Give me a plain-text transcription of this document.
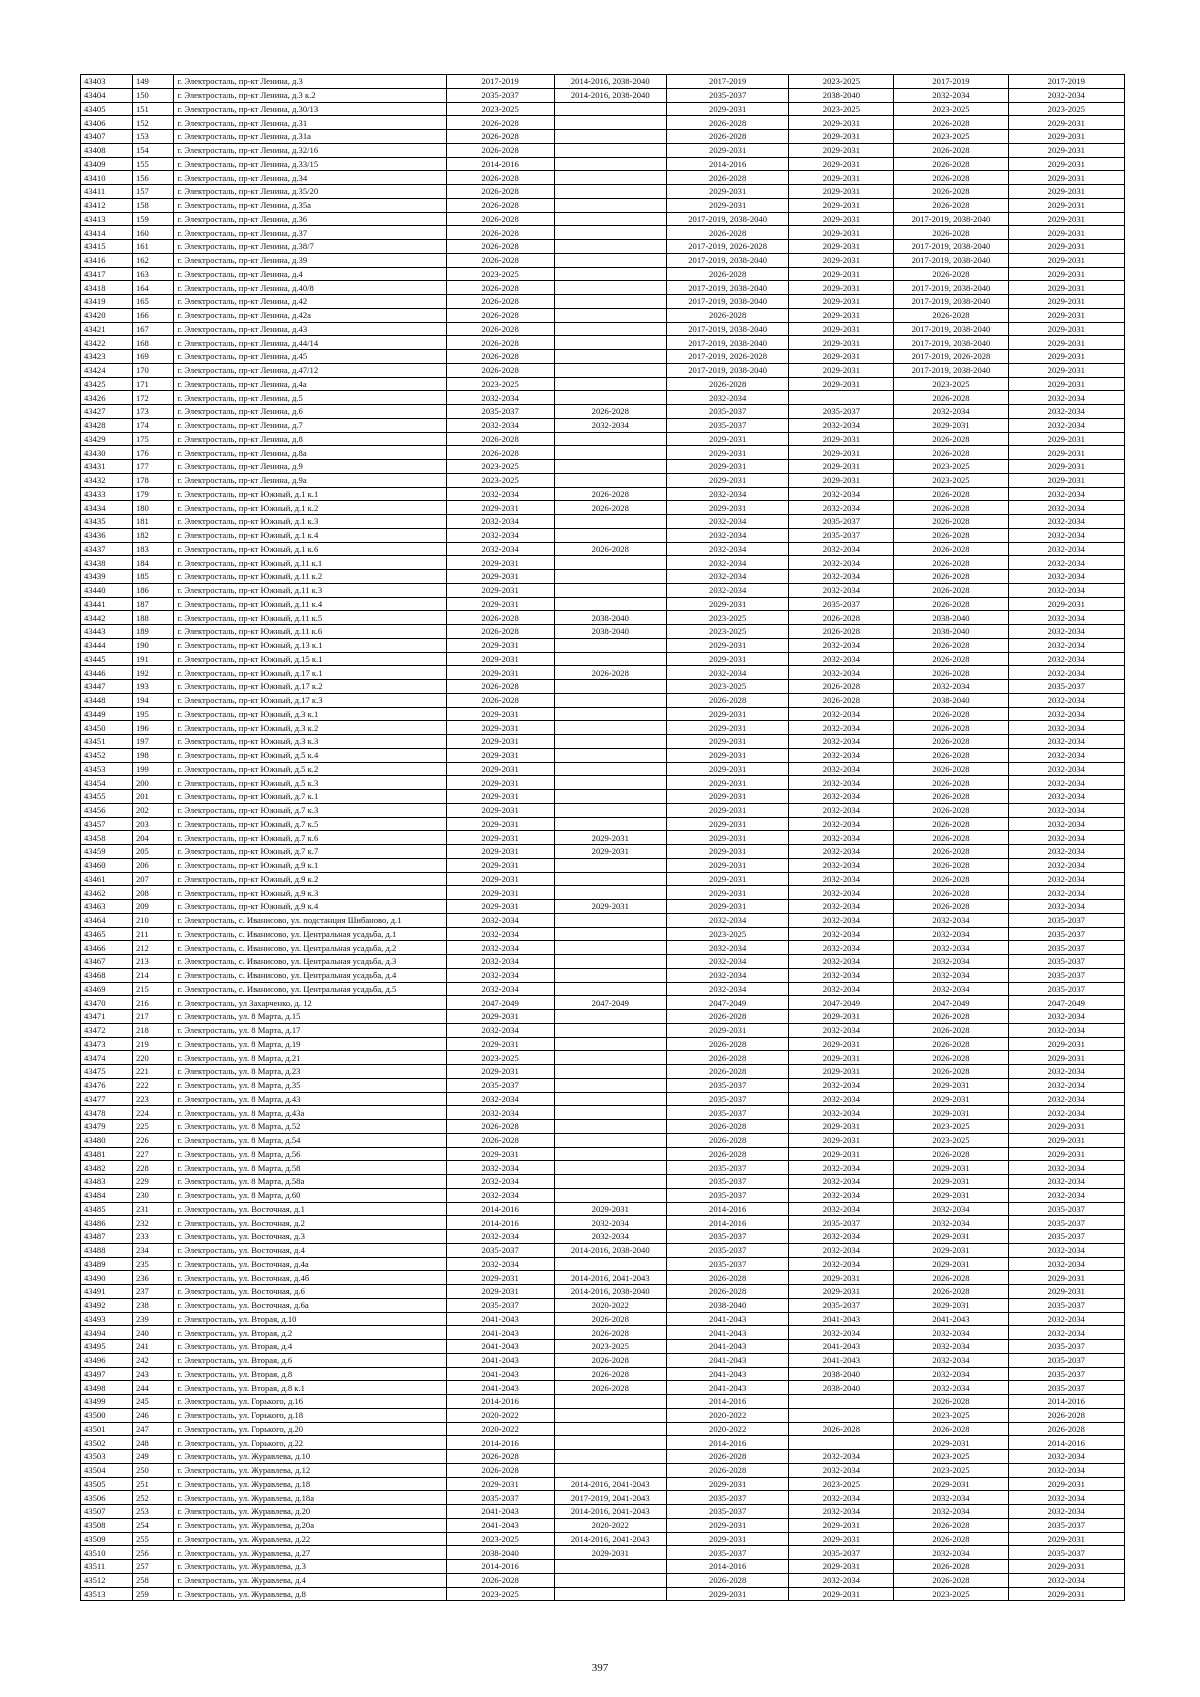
43403	149	г. Электросталь, пр-кт Ленина, д.3	2017-2019	2014-2016, 2038-2040	2017-2019	2023-2025	2017-2019	2017-2019
43404	150	г. Электросталь, пр-кт Ленина, д.3 к.2	2035-2037	2014-2016, 2038-2040	2035-2037	2038-2040	2032-2034	2032-2034
43405	151	г. Электросталь, пр-кт Ленина, д.30/13	2023-2025		2029-2031	2023-2025	2023-2025	2023-2025
43406	152	г. Электросталь, пр-кт Ленина, д.31	2026-2028		2026-2028	2029-2031	2026-2028	2029-2031
43407	153	г. Электросталь, пр-кт Ленина, д.31а	2026-2028		2026-2028	2029-2031	2023-2025	2029-2031
43408	154	г. Электросталь, пр-кт Ленина, д.32/16	2026-2028		2029-2031	2029-2031	2026-2028	2029-2031
43409	155	г. Электросталь, пр-кт Ленина, д.33/15	2014-2016		2014-2016	2029-2031	2026-2028	2029-2031
43410	156	г. Электросталь, пр-кт Ленина, д.34	2026-2028		2026-2028	2029-2031	2026-2028	2029-2031
43411	157	г. Электросталь, пр-кт Ленина, д.35/20	2026-2028		2029-2031	2029-2031	2026-2028	2029-2031
43412	158	г. Электросталь, пр-кт Ленина, д.35а	2026-2028		2029-2031	2029-2031	2026-2028	2029-2031
43413	159	г. Электросталь, пр-кт Ленина, д.36	2026-2028		2017-2019, 2038-2040	2029-2031	2017-2019, 2038-2040	2029-2031
43414	160	г. Электросталь, пр-кт Ленина, д.37	2026-2028		2026-2028	2029-2031	2026-2028	2029-2031
43415	161	г. Электросталь, пр-кт Ленина, д.38/7	2026-2028		2017-2019, 2026-2028	2029-2031	2017-2019, 2038-2040	2029-2031
43416	162	г. Электросталь, пр-кт Ленина, д.39	2026-2028		2017-2019, 2038-2040	2029-2031	2017-2019, 2038-2040	2029-2031
43417	163	г. Электросталь, пр-кт Ленина, д.4	2023-2025		2026-2028	2029-2031	2026-2028	2029-2031
43418	164	г. Электросталь, пр-кт Ленина, д.40/8	2026-2028		2017-2019, 2038-2040	2029-2031	2017-2019, 2038-2040	2029-2031
43419	165	г. Электросталь, пр-кт Ленина, д.42	2026-2028		2017-2019, 2038-2040	2029-2031	2017-2019, 2038-2040	2029-2031
43420	166	г. Электросталь, пр-кт Ленина, д.42а	2026-2028		2026-2028	2029-2031	2026-2028	2029-2031
43421	167	г. Электросталь, пр-кт Ленина, д.43	2026-2028		2017-2019, 2038-2040	2029-2031	2017-2019, 2038-2040	2029-2031
43422	168	г. Электросталь, пр-кт Ленина, д.44/14	2026-2028		2017-2019, 2038-2040	2029-2031	2017-2019, 2038-2040	2029-2031
43423	169	г. Электросталь, пр-кт Ленина, д.45	2026-2028		2017-2019, 2026-2028	2029-2031	2017-2019, 2026-2028	2029-2031
43424	170	г. Электросталь, пр-кт Ленина, д.47/12	2026-2028		2017-2019, 2038-2040	2029-2031	2017-2019, 2038-2040	2029-2031
43425	171	г. Электросталь, пр-кт Ленина, д.4а	2023-2025		2026-2028	2029-2031	2023-2025	2029-2031
43426	172	г. Электросталь, пр-кт Ленина, д.5	2032-2034		2032-2034		2026-2028	2032-2034
43427	173	г. Электросталь, пр-кт Ленина, д.6	2035-2037	2026-2028	2035-2037	2035-2037	2032-2034	2032-2034
43428	174	г. Электросталь, пр-кт Ленина, д.7	2032-2034	2032-2034	2035-2037	2032-2034	2029-2031	2032-2034
43429	175	г. Электросталь, пр-кт Ленина, д.8	2026-2028		2029-2031	2029-2031	2026-2028	2029-2031
43430	176	г. Электросталь, пр-кт Ленина, д.8а	2026-2028		2029-2031	2029-2031	2026-2028	2029-2031
43431	177	г. Электросталь, пр-кт Ленина, д.9	2023-2025		2029-2031	2029-2031	2023-2025	2029-2031
43432	178	г. Электросталь, пр-кт Ленина, д.9а	2023-2025		2029-2031	2029-2031	2023-2025	2029-2031
43433	179	г. Электросталь, пр-кт Южный, д.1 к.1	2032-2034	2026-2028	2032-2034	2032-2034	2026-2028	2032-2034
43434	180	г. Электросталь, пр-кт Южный, д.1 к.2	2029-2031	2026-2028	2029-2031	2032-2034	2026-2028	2032-2034
43435	181	г. Электросталь, пр-кт Южный, д.1 к.3	2032-2034		2032-2034	2035-2037	2026-2028	2032-2034
43436	182	г. Электросталь, пр-кт Южный, д.1 к.4	2032-2034		2032-2034	2035-2037	2026-2028	2032-2034
43437	183	г. Электросталь, пр-кт Южный, д.1 к.6	2032-2034	2026-2028	2032-2034	2032-2034	2026-2028	2032-2034
43438	184	г. Электросталь, пр-кт Южный, д.11 к.1	2029-2031		2032-2034	2032-2034	2026-2028	2032-2034
43439	185	г. Электросталь, пр-кт Южный, д.11 к.2	2029-2031		2032-2034	2032-2034	2026-2028	2032-2034
43440	186	г. Электросталь, пр-кт Южный, д.11 к.3	2029-2031		2032-2034	2032-2034	2026-2028	2032-2034
43441	187	г. Электросталь, пр-кт Южный, д.11 к.4	2029-2031		2029-2031	2035-2037	2026-2028	2029-2031
43442	188	г. Электросталь, пр-кт Южный, д.11 к.5	2026-2028	2038-2040	2023-2025	2026-2028	2038-2040	2032-2034
43443	189	г. Электросталь, пр-кт Южный, д.11 к.6	2026-2028	2038-2040	2023-2025	2026-2028	2038-2040	2032-2034
43444	190	г. Электросталь, пр-кт Южный, д.13 к.1	2029-2031		2029-2031	2032-2034	2026-2028	2032-2034
43445	191	г. Электросталь, пр-кт Южный, д.15 к.1	2029-2031		2029-2031	2032-2034	2026-2028	2032-2034
43446	192	г. Электросталь, пр-кт Южный, д.17 к.1	2029-2031	2026-2028	2032-2034	2032-2034	2026-2028	2032-2034
43447	193	г. Электросталь, пр-кт Южный, д.17 к.2	2026-2028		2023-2025	2026-2028	2032-2034	2035-2037
43448	194	г. Электросталь, пр-кт Южный, д.17 к.3	2026-2028		2026-2028	2026-2028	2038-2040	2032-2034
43449	195	г. Электросталь, пр-кт Южный, д.3 к.1	2029-2031		2029-2031	2032-2034	2026-2028	2032-2034
43450	196	г. Электросталь, пр-кт Южный, д.3 к.2	2029-2031		2029-2031	2032-2034	2026-2028	2032-2034
43451	197	г. Электросталь, пр-кт Южный, д.3 к.3	2029-2031		2029-2031	2032-2034	2026-2028	2032-2034
43452	198	г. Электросталь, пр-кт Южный, д.5 к.4	2029-2031		2029-2031	2032-2034	2026-2028	2032-2034
43453	199	г. Электросталь, пр-кт Южный, д.5 к.2	2029-2031		2029-2031	2032-2034	2026-2028	2032-2034
43454	200	г. Электросталь, пр-кт Южный, д.5 к.3	2029-2031		2029-2031	2032-2034	2026-2028	2032-2034
43455	201	г. Электросталь, пр-кт Южный, д.7 к.1	2029-2031		2029-2031	2032-2034	2026-2028	2032-2034
43456	202	г. Электросталь, пр-кт Южный, д.7 к.3	2029-2031		2029-2031	2032-2034	2026-2028	2032-2034
43457	203	г. Электросталь, пр-кт Южный, д.7 к.5	2029-2031		2029-2031	2032-2034	2026-2028	2032-2034
43458	204	г. Электросталь, пр-кт Южный, д.7 к.6	2029-2031	2029-2031	2029-2031	2032-2034	2026-2028	2032-2034
43459	205	г. Электросталь, пр-кт Южный, д.7 к.7	2029-2031	2029-2031	2029-2031	2032-2034	2026-2028	2032-2034
43460	206	г. Электросталь, пр-кт Южный, д.9 к.1	2029-2031		2029-2031	2032-2034	2026-2028	2032-2034
43461	207	г. Электросталь, пр-кт Южный, д.9 к.2	2029-2031		2029-2031	2032-2034	2026-2028	2032-2034
43462	208	г. Электросталь, пр-кт Южный, д.9 к.3	2029-2031		2029-2031	2032-2034	2026-2028	2032-2034
43463	209	г. Электросталь, пр-кт Южный, д.9 к.4	2029-2031	2029-2031	2029-2031	2032-2034	2026-2028	2032-2034
43464	210	г. Электросталь, с. Иванисово, ул. подстанция Шибаново, д.1	2032-2034		2032-2034	2032-2034	2032-2034	2035-2037
43465	211	г. Электросталь, с. Иванисово, ул. Центральная усадьба, д.1	2032-2034		2023-2025	2032-2034	2032-2034	2035-2037
43466	212	г. Электросталь, с. Иванисово, ул. Центральная усадьба, д.2	2032-2034		2032-2034	2032-2034	2032-2034	2035-2037
43467	213	г. Электросталь, с. Иванисово, ул. Центральная усадьба, д.3	2032-2034		2032-2034	2032-2034	2032-2034	2035-2037
43468	214	г. Электросталь, с. Иванисово, ул. Центральная усадьба, д.4	2032-2034		2032-2034	2032-2034	2032-2034	2035-2037
43469	215	г. Электросталь, с. Иванисово, ул. Центральная усадьба, д.5	2032-2034		2032-2034	2032-2034	2032-2034	2035-2037
43470	216	г. Электросталь, ул Захарченко, д. 12	2047-2049	2047-2049	2047-2049	2047-2049	2047-2049	2047-2049
43471	217	г. Электросталь, ул. 8 Марта, д.15	2029-2031		2026-2028	2029-2031	2026-2028	2032-2034
43472	218	г. Электросталь, ул. 8 Марта, д.17	2032-2034		2029-2031	2032-2034	2026-2028	2032-2034
43473	219	г. Электросталь, ул. 8 Марта, д.19	2029-2031		2026-2028	2029-2031	2026-2028	2029-2031
43474	220	г. Электросталь, ул. 8 Марта, д.21	2023-2025		2026-2028	2029-2031	2026-2028	2029-2031
43475	221	г. Электросталь, ул. 8 Марта, д.23	2029-2031		2026-2028	2029-2031	2026-2028	2032-2034
43476	222	г. Электросталь, ул. 8 Марта, д.35	2035-2037		2035-2037	2032-2034	2029-2031	2032-2034
43477	223	г. Электросталь, ул. 8 Марта, д.43	2032-2034		2035-2037	2032-2034	2029-2031	2032-2034
43478	224	г. Электросталь, ул. 8 Марта, д.43а	2032-2034		2035-2037	2032-2034	2029-2031	2032-2034
43479	225	г. Электросталь, ул. 8 Марта, д.52	2026-2028		2026-2028	2029-2031	2023-2025	2029-2031
43480	226	г. Электросталь, ул. 8 Марта, д.54	2026-2028		2026-2028	2029-2031	2023-2025	2029-2031
43481	227	г. Электросталь, ул. 8 Марта, д.56	2029-2031		2026-2028	2029-2031	2026-2028	2029-2031
43482	228	г. Электросталь, ул. 8 Марта, д.58	2032-2034		2035-2037	2032-2034	2029-2031	2032-2034
43483	229	г. Электросталь, ул. 8 Марта, д.58а	2032-2034		2035-2037	2032-2034	2029-2031	2032-2034
43484	230	г. Электросталь, ул. 8 Марта, д.60	2032-2034		2035-2037	2032-2034	2029-2031	2032-2034
43485	231	г. Электросталь, ул. Восточная, д.1	2014-2016	2029-2031	2014-2016	2032-2034	2032-2034	2035-2037
43486	232	г. Электросталь, ул. Восточная, д.2	2014-2016	2032-2034	2014-2016	2035-2037	2032-2034	2035-2037
43487	233	г. Электросталь, ул. Восточная, д.3	2032-2034	2032-2034	2035-2037	2032-2034	2029-2031	2035-2037
43488	234	г. Электросталь, ул. Восточная, д.4	2035-2037	2014-2016, 2038-2040	2035-2037	2032-2034	2029-2031	2032-2034
43489	235	г. Электросталь, ул. Восточная, д.4а	2032-2034		2035-2037	2032-2034	2029-2031	2032-2034
43490	236	г. Электросталь, ул. Восточная, д.4б	2029-2031	2014-2016, 2041-2043	2026-2028	2029-2031	2026-2028	2029-2031
43491	237	г. Электросталь, ул. Восточная, д.6	2029-2031	2014-2016, 2038-2040	2026-2028	2029-2031	2026-2028	2029-2031
43492	238	г. Электросталь, ул. Восточная, д.6а	2035-2037	2020-2022	2038-2040	2035-2037	2029-2031	2035-2037
43493	239	г. Электросталь, ул. Вторая, д.10	2041-2043	2026-2028	2041-2043	2041-2043	2041-2043	2032-2034
43494	240	г. Электросталь, ул. Вторая, д.2	2041-2043	2026-2028	2041-2043	2032-2034	2032-2034	2032-2034
43495	241	г. Электросталь, ул. Вторая, д.4	2041-2043	2023-2025	2041-2043	2041-2043	2032-2034	2035-2037
43496	242	г. Электросталь, ул. Вторая, д.6	2041-2043	2026-2028	2041-2043	2041-2043	2032-2034	2035-2037
43497	243	г. Электросталь, ул. Вторая, д.8	2041-2043	2026-2028	2041-2043	2038-2040	2032-2034	2035-2037
43498	244	г. Электросталь, ул. Вторая, д.8 к.1	2041-2043	2026-2028	2041-2043	2038-2040	2032-2034	2035-2037
43499	245	г. Электросталь, ул. Горького, д.16	2014-2016		2014-2016		2026-2028	2014-2016
43500	246	г. Электросталь, ул. Горького, д.18	2020-2022		2020-2022		2023-2025	2026-2028
43501	247	г. Электросталь, ул. Горького, д.20	2020-2022		2020-2022	2026-2028	2026-2028	2026-2028
43502	248	г. Электросталь, ул. Горького, д.22	2014-2016		2014-2016		2029-2031	2014-2016
43503	249	г. Электросталь, ул. Журавлева, д.10	2026-2028		2026-2028	2032-2034	2023-2025	2032-2034
43504	250	г. Электросталь, ул. Журавлева, д.12	2026-2028		2026-2028	2032-2034	2023-2025	2032-2034
43505	251	г. Электросталь, ул. Журавлева, д.18	2029-2031	2014-2016, 2041-2043	2029-2031	2023-2025	2029-2031	2029-2031
43506	252	г. Электросталь, ул. Журавлева, д.18а	2035-2037	2017-2019, 2041-2043	2035-2037	2032-2034	2032-2034	2032-2034
43507	253	г. Электросталь, ул. Журавлева, д.20	2041-2043	2014-2016, 2041-2043	2035-2037	2032-2034	2032-2034	2032-2034
43508	254	г. Электросталь, ул. Журавлева, д.20а	2041-2043	2020-2022	2029-2031	2029-2031	2026-2028	2035-2037
43509	255	г. Электросталь, ул. Журавлева, д.22	2023-2025	2014-2016, 2041-2043	2029-2031	2029-2031	2026-2028	2029-2031
43510	256	г. Электросталь, ул. Журавлева, д.27	2038-2040	2029-2031	2035-2037	2035-2037	2032-2034	2035-2037
43511	257	г. Электросталь, ул. Журавлева, д.3	2014-2016		2014-2016	2029-2031	2026-2028	2029-2031
43512	258	г. Электросталь, ул. Журавлева, д.4	2026-2028		2026-2028	2032-2034	2026-2028	2032-2034
43513	259	г. Электросталь, ул. Журавлева, д.8	2023-2025		2029-2031	2029-2031	2023-2025	2029-2031
397
